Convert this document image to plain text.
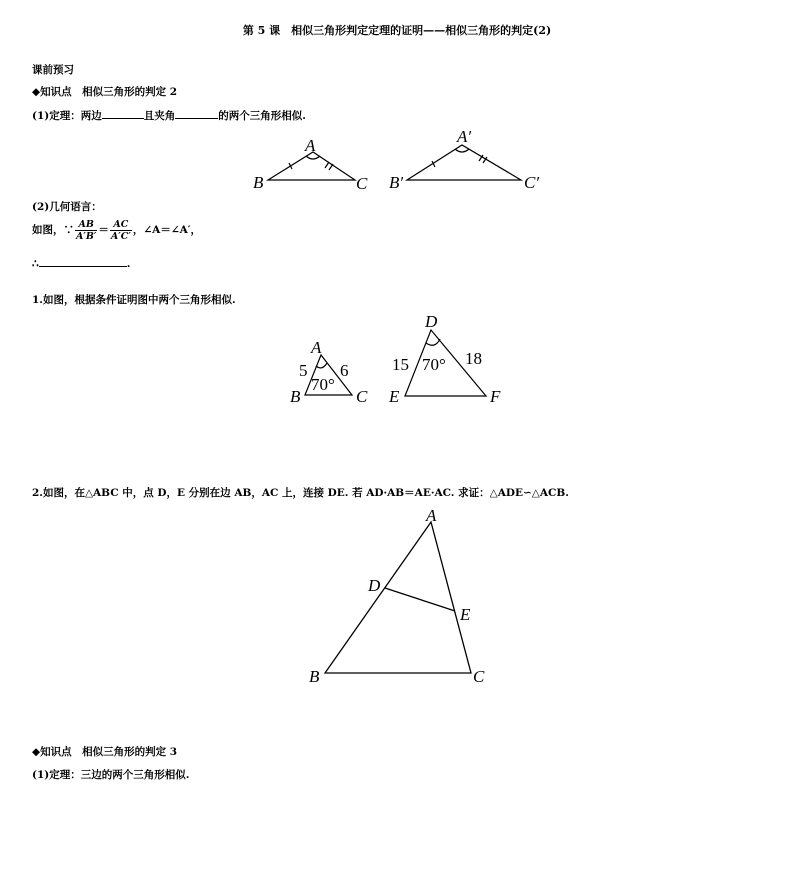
第 5 课　相似三角形判定定理的证明——相似三角形的判定(2)
课前预习
◆知识点　相似三角形的判定 2
(1)定理：两边	且夹角	的两个三角形相似.
A
B	C
A′
B′	C′
(2)几何语言：
如图，∵ $\frac{AB}{A'B'} = \frac{AC}{A'C'}$ ，∠A＝∠A′，
∴	.
1.如图，根据条件证明图中两个三角形相似.
A
B	C
5 6
70°
D
E	F
15	18
70°
2.如图，在△ABC 中，点 D，E 分别在边 AB，AC 上，连接 DE. 若 AD·AB＝AE·AC. 求证：△ADE∽△ACB.
A
B	C
D
E
◆知识点　相似三角形的判定 3
(1)定理：三边的两个三角形相似.
